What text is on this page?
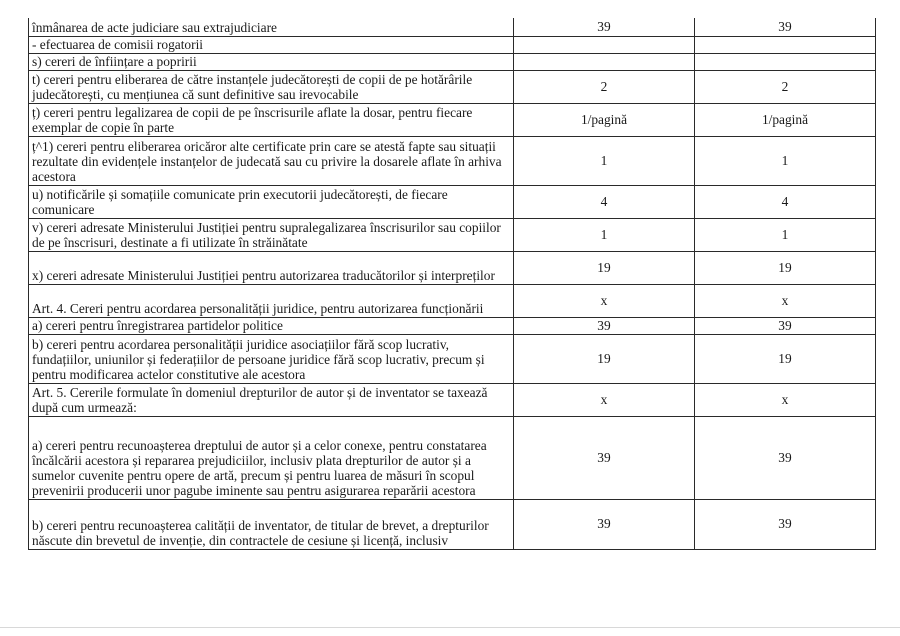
înmânarea de acte judiciare sau extrajudiciare	39	39
- efectuarea de comisii rogatorii		
s) cereri de înființare a popririi		
t) cereri pentru eliberarea de către instanțele judecătorești de copii de pe hotărârile judecătorești, cu mențiunea că sunt definitive sau irevocabile	2	2
ț) cereri pentru legalizarea de copii de pe înscrisurile aflate la dosar, pentru fiecare exemplar de copie în parte	1/pagină	1/pagină
ț^1) cereri pentru eliberarea oricăror alte certificate prin care se atestă fapte sau situații rezultate din evidențele instanțelor de judecată sau cu privire la dosarele aflate în arhiva acestora	1	1
u) notificările și somațiile comunicate prin executorii judecătorești, de fiecare comunicare	4	4
v) cereri adresate Ministerului Justiției pentru supralegalizarea înscrisurilor sau copiilor de pe înscrisuri, destinate a fi utilizate în străinătate	1	1
x) cereri adresate Ministerului Justiției pentru autorizarea traducătorilor și interpreților	19	19
Art. 4. Cereri pentru acordarea personalității juridice, pentru autorizarea funcționării	x	x
a) cereri pentru înregistrarea partidelor politice	39	39
b) cereri pentru acordarea personalității juridice asociațiilor fără scop lucrativ, fundațiilor, uniunilor și federațiilor de persoane juridice fără scop lucrativ, precum și pentru modificarea actelor constitutive ale acestora	19	19
Art. 5. Cererile formulate în domeniul drepturilor de autor și de inventator se taxează după cum urmează:	x	x
a) cereri pentru recunoașterea dreptului de autor și a celor conexe, pentru constatarea încălcării acestora și repararea prejudiciilor, inclusiv plata drepturilor de autor și a sumelor cuvenite pentru opere de artă, precum și pentru luarea de măsuri în scopul prevenirii producerii unor pagube iminente sau pentru asigurarea reparării acestora	39	39
b) cereri pentru recunoașterea calității de inventator, de titular de brevet, a drepturilor născute din brevetul de invenție, din contractele de cesiune și licență, inclusiv	39	39
